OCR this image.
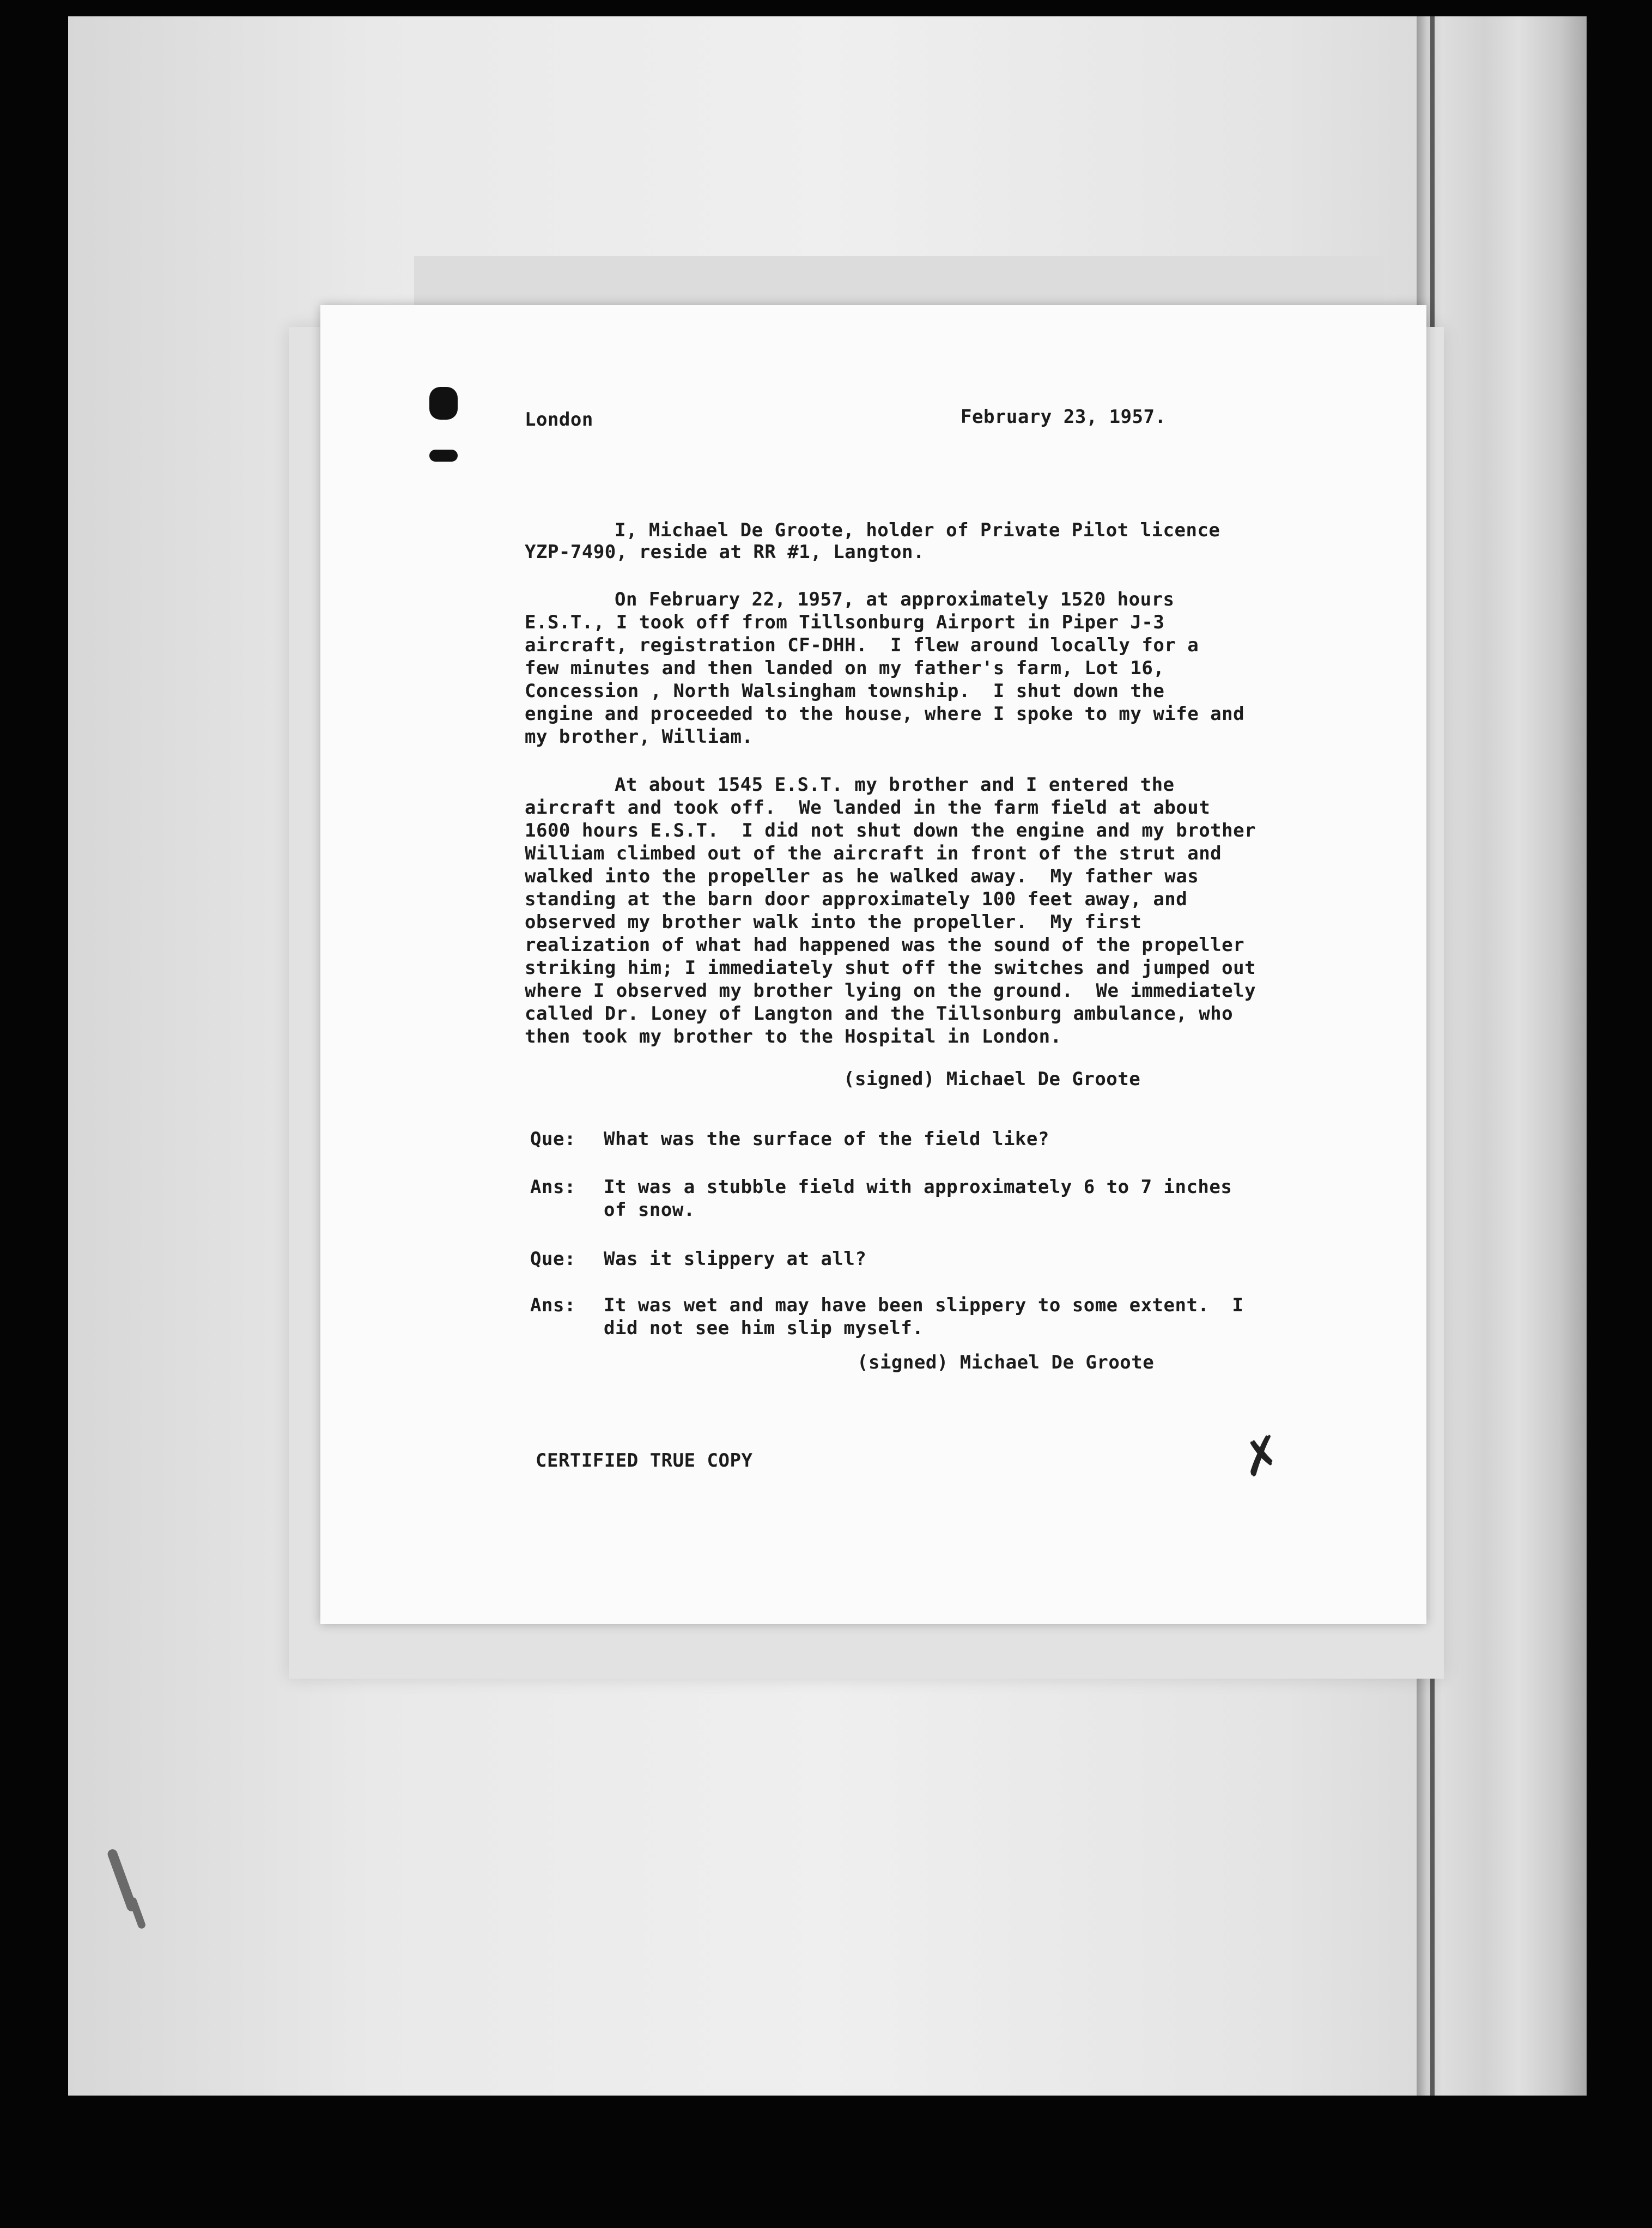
London	February 23, 1957.
I, Michael De Groote, holder of Private Pilot licence
YZP-7490, reside at RR #1, Langton.
On February 22, 1957, at approximately 1520 hours
E.S.T., I took off from Tillsonburg Airport in Piper J-3
aircraft, registration CF-DHH.  I flew around locally for a
few minutes and then landed on my father's farm, Lot 16,
Concession , North Walsingham township.  I shut down the
engine and proceeded to the house, where I spoke to my wife and
my brother, William.
At about 1545 E.S.T. my brother and I entered the
aircraft and took off.  We landed in the farm field at about
1600 hours E.S.T.  I did not shut down the engine and my brother
William climbed out of the aircraft in front of the strut and
walked into the propeller as he walked away.  My father was
standing at the barn door approximately 100 feet away, and
observed my brother walk into the propeller.  My first
realization of what had happened was the sound of the propeller
striking him; I immediately shut off the switches and jumped out
where I observed my brother lying on the ground.  We immediately
called Dr. Loney of Langton and the Tillsonburg ambulance, who
then took my brother to the Hospital in London.
(signed) Michael De Groote
Que: What was the surface of the field like?
Ans: It was a stubble field with approximately 6 to 7 inches
of snow.
Que: Was it slippery at all?
Ans: It was wet and may have been slippery to some extent.  I
did not see him slip myself.
(signed) Michael De Groote
CERTIFIED TRUE COPY	✗
